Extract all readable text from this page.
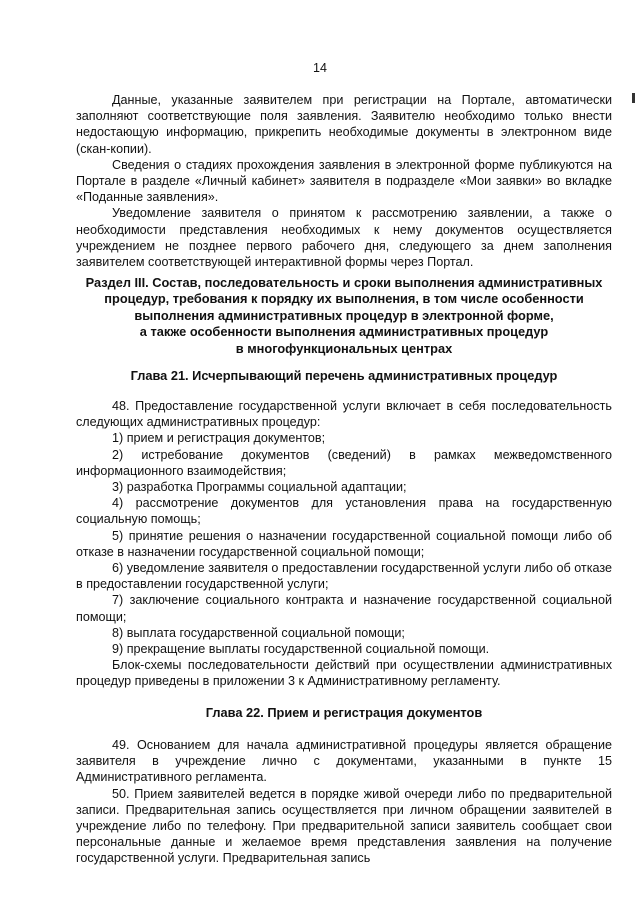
14

Данные, указанные заявителем при регистрации на Портале, автоматически заполняют соответствующие поля заявления. Заявителю необходимо только внести недостающую информацию, прикрепить необходимые документы в электронном виде (скан-копии).

Сведения о стадиях прохождения заявления в электронной форме публикуются на Портале в разделе «Личный кабинет» заявителя в подразделе «Мои заявки» во вкладке «Поданные заявления».

Уведомление заявителя о принятом к рассмотрению заявлении, а также о необходимости представления необходимых к нему документов осуществляется учреждением не позднее первого рабочего дня, следующего за днем заполнения заявителем соответствующей интерактивной формы через Портал.

Раздел III. Состав, последовательность и сроки выполнения административных
процедур, требования к порядку их выполнения, в том числе особенности
выполнения административных процедур в электронной форме,
а также особенности выполнения административных процедур
в многофункциональных центрах
Глава 21. Исчерпывающий перечень административных процедур

48. Предоставление государственной услуги включает в себя последовательность следующих административных процедур:

1) прием и регистрация документов;

2) истребование документов (сведений) в рамках межведомственного информационного взаимодействия;

3) разработка Программы социальной адаптации;

4) рассмотрение документов для установления права на государственную социальную помощь;

5) принятие решения о назначении государственной социальной помощи либо об отказе в назначении государственной социальной помощи;

6) уведомление заявителя о предоставлении государственной услуги либо об отказе в предоставлении государственной услуги;

7) заключение социального контракта и назначение государственной социальной помощи;

8) выплата государственной социальной помощи;

9) прекращение выплаты государственной социальной помощи.

Блок-схемы последовательности действий при осуществлении административных процедур приведены в приложении 3 к Административному регламенту.

Глава 22. Прием и регистрация документов

49. Основанием для начала административной процедуры является обращение заявителя в учреждение лично с документами, указанными в пункте 15 Административного регламента.

50. Прием заявителей ведется в порядке живой очереди либо по предварительной записи. Предварительная запись осуществляется при личном обращении заявителей в учреждение либо по телефону. При предварительной записи заявитель сообщает свои персональные данные и желаемое время представления заявления на получение государственной услуги. Предварительная запись
